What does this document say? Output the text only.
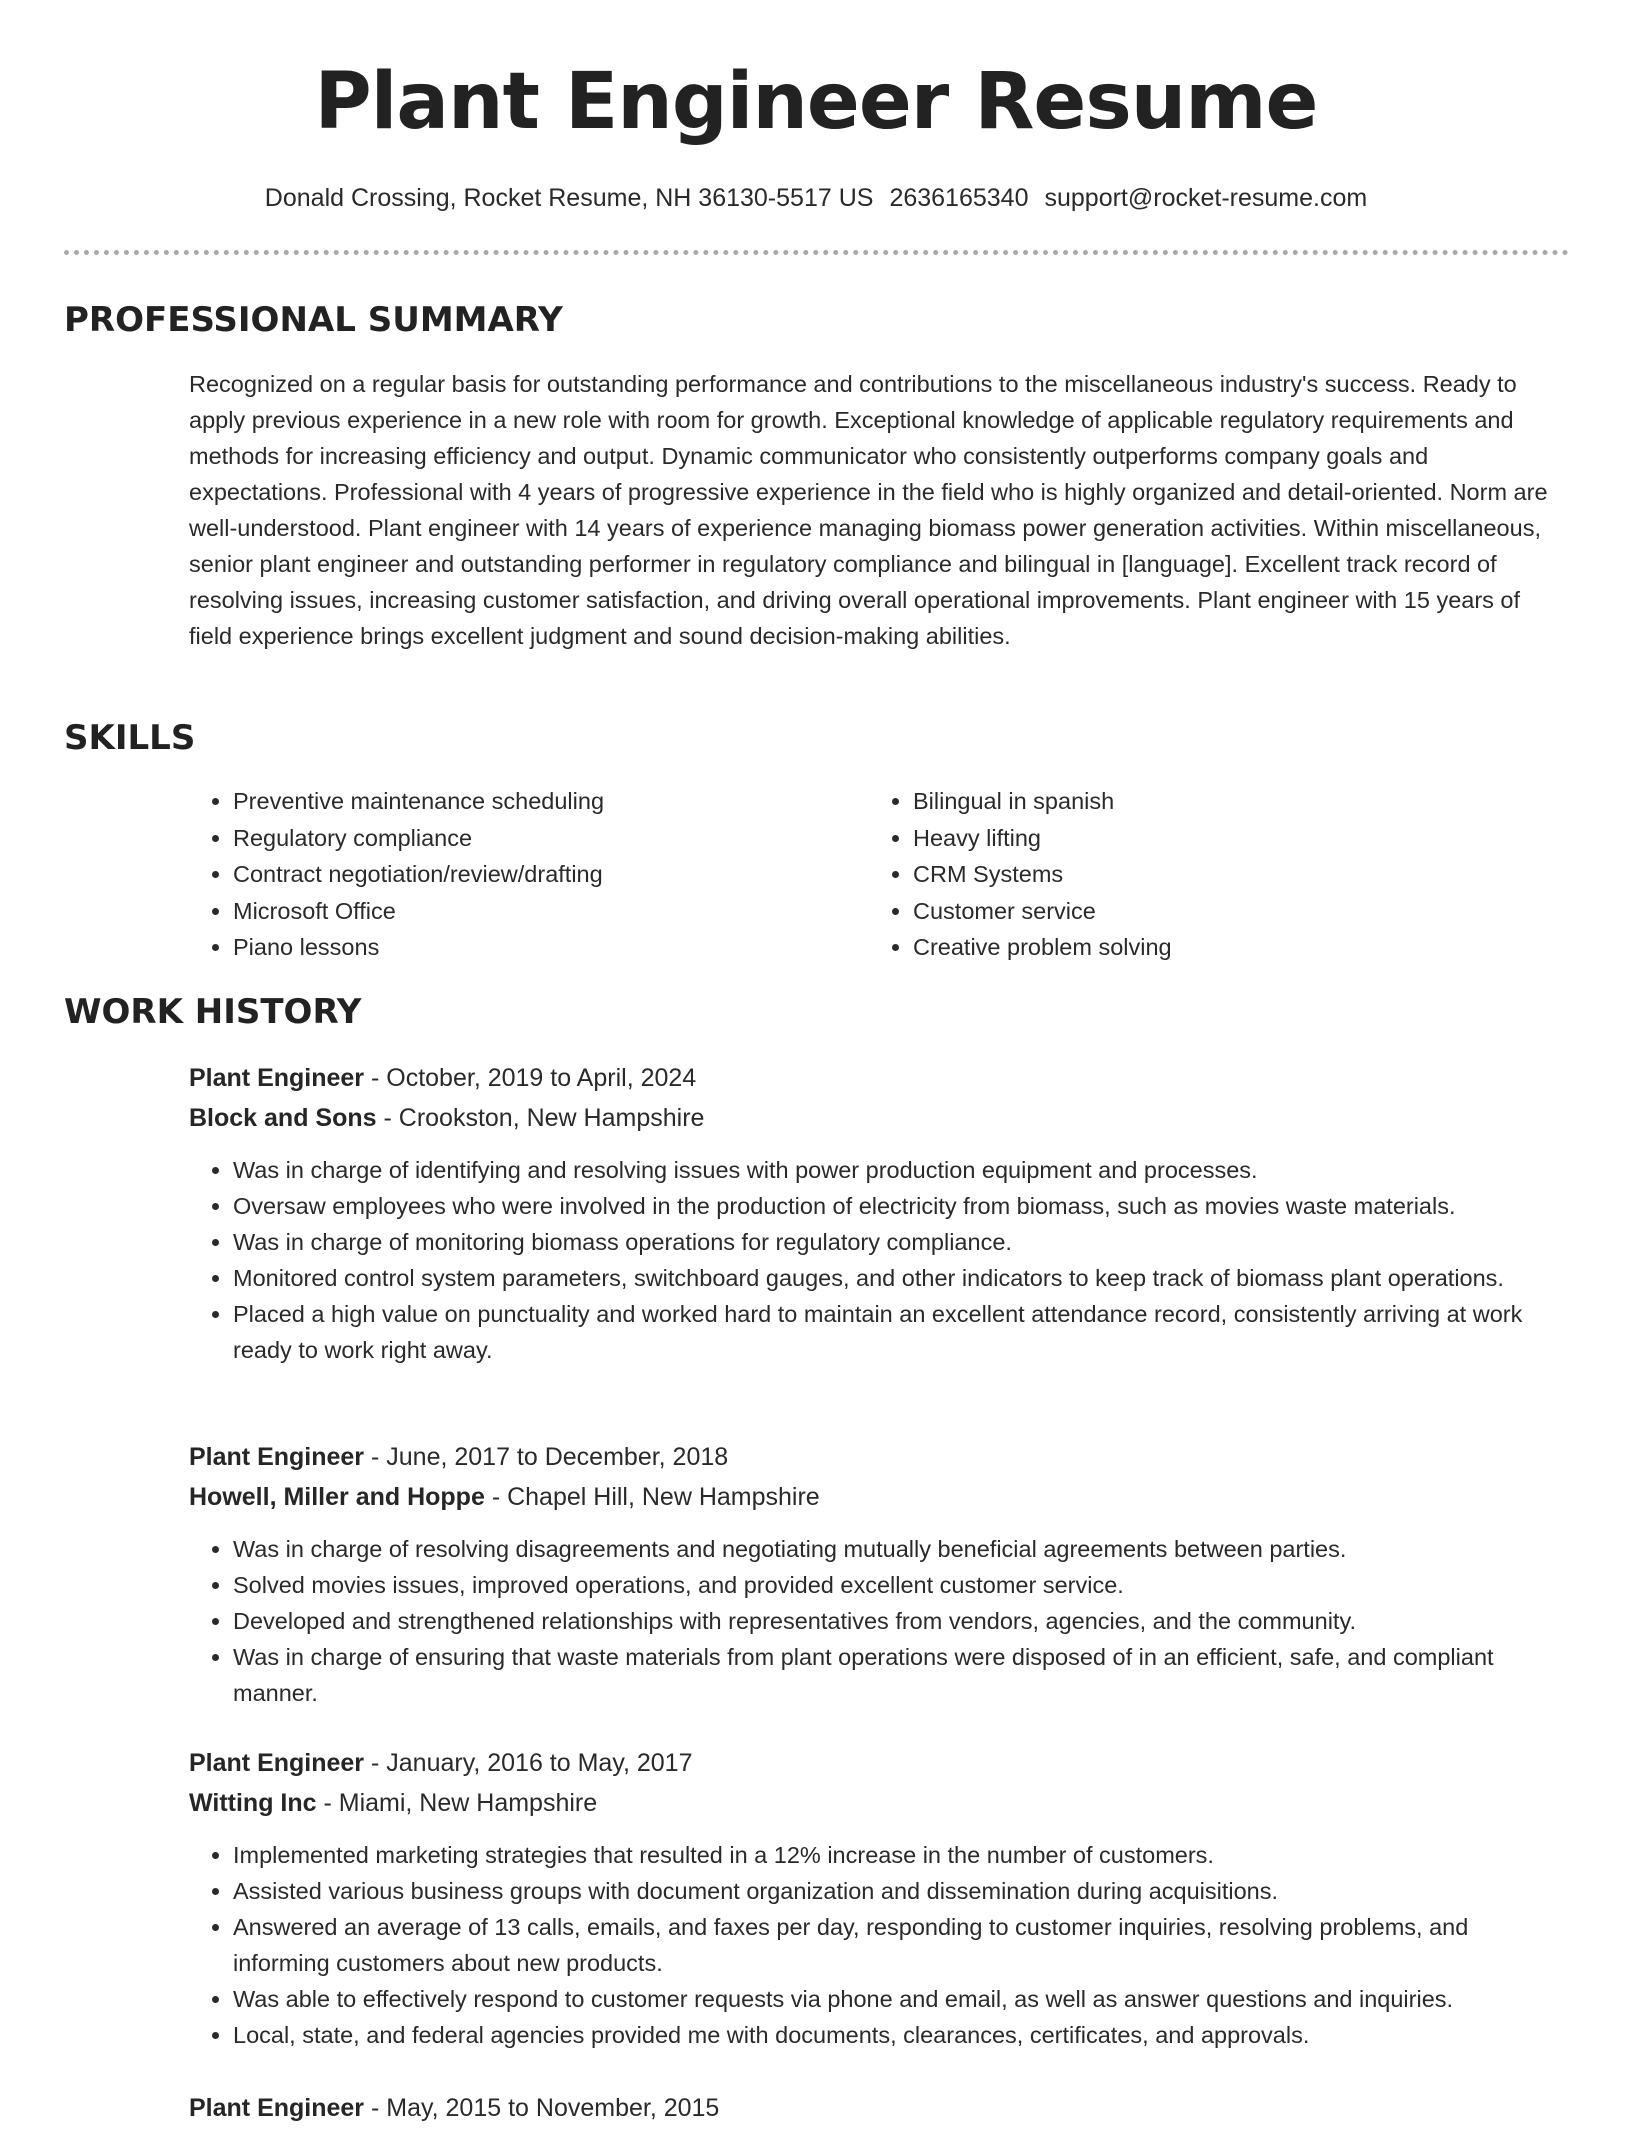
Plant Engineer Resume
Donald Crossing, Rocket Resume, NH 36130-5517 US 2636165340 support@rocket-resume.com
PROFESSIONAL SUMMARY

Recognized on a regular basis for outstanding performance and contributions to the miscellaneous industry's success. Ready to apply previous experience in a new role with room for growth. Exceptional knowledge of applicable regulatory requirements and methods for increasing efficiency and output. Dynamic communicator who consistently outperforms company goals and expectations. Professional with 4 years of progressive experience in the field who is highly organized and detail-oriented. Norm are well-understood. Plant engineer with 14 years of experience managing biomass power generation activities. Within miscellaneous, senior plant engineer and outstanding performer in regulatory compliance and bilingual in [language]. Excellent track record of resolving issues, increasing customer satisfaction, and driving overall operational improvements. Plant engineer with 15 years of field experience brings excellent judgment and sound decision-making abilities.

SKILLS
• Preventive maintenance scheduling
• Regulatory compliance
• Contract negotiation/review/drafting
• Microsoft Office
• Piano lessons
• Bilingual in spanish
• Heavy lifting
• CRM Systems
• Customer service
• Creative problem solving
WORK HISTORY
Plant Engineer - October, 2019 to April, 2024
Block and Sons - Crookston, New Hampshire
• Was in charge of identifying and resolving issues with power production equipment and processes.
• Oversaw employees who were involved in the production of electricity from biomass, such as movies waste materials.
• Was in charge of monitoring biomass operations for regulatory compliance.
• Monitored control system parameters, switchboard gauges, and other indicators to keep track of biomass plant operations.
• Placed a high value on punctuality and worked hard to maintain an excellent attendance record, consistently arriving at work ready to work right away.
Plant Engineer - June, 2017 to December, 2018
Howell, Miller and Hoppe - Chapel Hill, New Hampshire
• Was in charge of resolving disagreements and negotiating mutually beneficial agreements between parties.
• Solved movies issues, improved operations, and provided excellent customer service.
• Developed and strengthened relationships with representatives from vendors, agencies, and the community.
• Was in charge of ensuring that waste materials from plant operations were disposed of in an efficient, safe, and compliant manner.
Plant Engineer - January, 2016 to May, 2017
Witting Inc - Miami, New Hampshire
• Implemented marketing strategies that resulted in a 12% increase in the number of customers.
• Assisted various business groups with document organization and dissemination during acquisitions.
• Answered an average of 13 calls, emails, and faxes per day, responding to customer inquiries, resolving problems, and informing customers about new products.
• Was able to effectively respond to customer requests via phone and email, as well as answer questions and inquiries.
• Local, state, and federal agencies provided me with documents, clearances, certificates, and approvals.
Plant Engineer - May, 2015 to November, 2015
